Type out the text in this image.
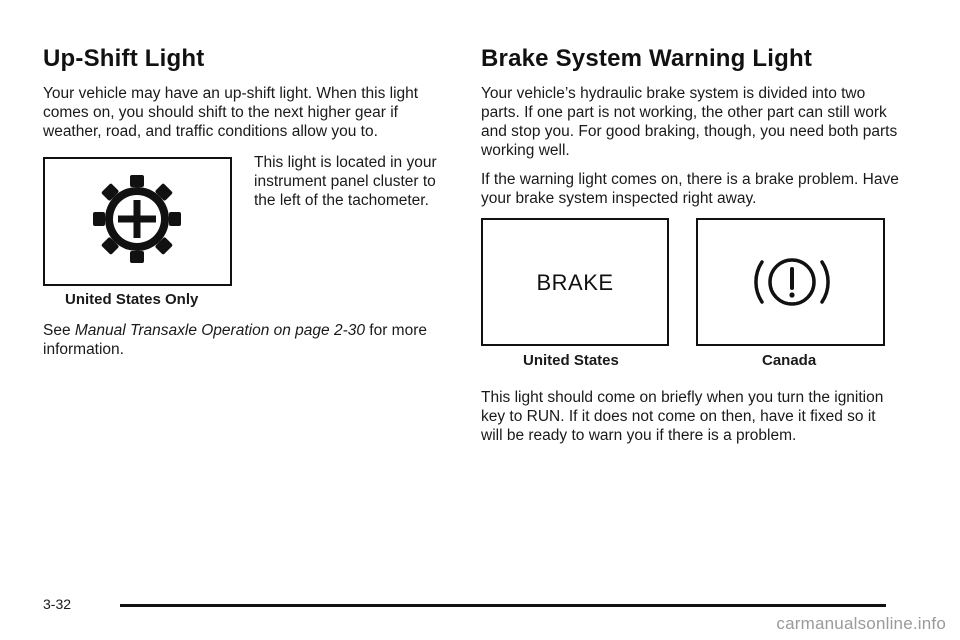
Up-Shift Light

Your vehicle may have an up-shift light. When this light comes on, you should shift to the next higher gear if weather, road, and traffic conditions allow you to.

United States Only

This light is located in your instrument panel cluster to the left of the tachometer.

See Manual Transaxle Operation on page 2-30 for more information.

Brake System Warning Light

Your vehicle’s hydraulic brake system is divided into two parts. If one part is not working, the other part can still work and stop you. For good braking, though, you need both parts working well.

If the warning light comes on, there is a brake problem. Have your brake system inspected right away.

BRAKE
United States	Canada

This light should come on briefly when you turn the ignition key to RUN. If it does not come on then, have it fixed so it will be ready to warn you if there is a problem.

3-32
carmanualsonline.info
